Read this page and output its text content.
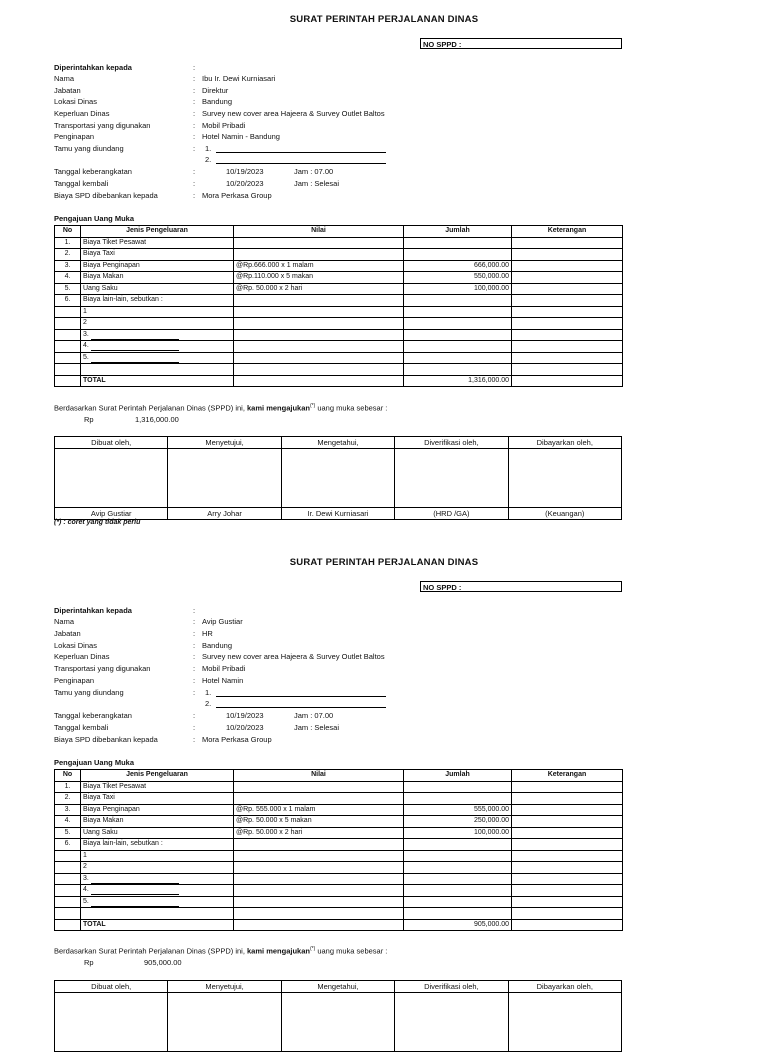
SURAT PERINTAH PERJALANAN DINAS
NO SPPD :
Diperintahkan kepada	:
Nama	: Ibu Ir. Dewi Kurniasari
Jabatan	: Direktur
Lokasi Dinas	: Bandung
Keperluan Dinas	: Survey new cover area Hajeera & Survey Outlet Baltos
Transportasi yang digunakan	: Mobil Pribadi
Penginapan	: Hotel Namin - Bandung
Tamu yang diundang	: 1.
2.
Tanggal keberangkatan	:	10/19/2023	Jam : 07.00
Tanggal kembali	:	10/20/2023	Jam : Selesai
Biaya SPD dibebankan kepada	: Mora Perkasa Group
Pengajuan Uang Muka
No	Jenis Pengeluaran	Nilai	Jumlah	Keterangan
1.	Biaya Tiket Pesawat			
2.	Biaya Taxi			
3.	Biaya Penginapan	@Rp.666.000 x 1 malam	666,000.00	
4.	Biaya Makan	@Rp.110.000 x 5 makan	550,000.00	
5.	Uang Saku	@Rp. 50.000 x 2 hari	100,000.00	
6.	Biaya lain-lain, sebutkan :			
	1			
	2			
	3.			
	4.			
	5.			

	TOTAL		1,316,000.00	
Berdasarkan Surat Perintah Perjalanan Dinas (SPPD) ini, kami mengajukan(*) uang muka sebesar :
Rp	1,316,000.00
Dibuat oleh,	Menyetujui,	Mengetahui,	Diverifikasi oleh,	Dibayarkan oleh,

Avip Gustiar	Arry Johar	Ir. Dewi Kurniasari	(HRD /GA)	(Keuangan)
(*) : coret yang tidak perlu
SURAT PERINTAH PERJALANAN DINAS
NO SPPD :
Diperintahkan kepada	:
Nama	: Avip Gustiar
Jabatan	: HR
Lokasi Dinas	: Bandung
Keperluan Dinas	: Survey new cover area Hajeera & Survey Outlet Baltos
Transportasi yang digunakan	: Mobil Pribadi
Penginapan	: Hotel Namin
Tamu yang diundang	: 1.
2.
Tanggal keberangkatan	:	10/19/2023	Jam : 07.00
Tanggal kembali	:	10/20/2023	Jam : Selesai
Biaya SPD dibebankan kepada	: Mora Perkasa Group
Pengajuan Uang Muka
No	Jenis Pengeluaran	Nilai	Jumlah	Keterangan
1.	Biaya Tiket Pesawat			
2.	Biaya Taxi			
3.	Biaya Penginapan	@Rp. 555.000 x 1 malam	555,000.00	
4.	Biaya Makan	@Rp. 50.000 x 5 makan	250,000.00	
5.	Uang Saku	@Rp. 50.000 x 2 hari	100,000.00	
6.	Biaya lain-lain, sebutkan :			
	1			
	2			
	3.			
	4.			
	5.			

	TOTAL		905,000.00	
Berdasarkan Surat Perintah Perjalanan Dinas (SPPD) ini, kami mengajukan(*) uang muka sebesar :
Rp	905,000.00
Dibuat oleh,	Menyetujui,	Mengetahui,	Diverifikasi oleh,	Dibayarkan oleh,
